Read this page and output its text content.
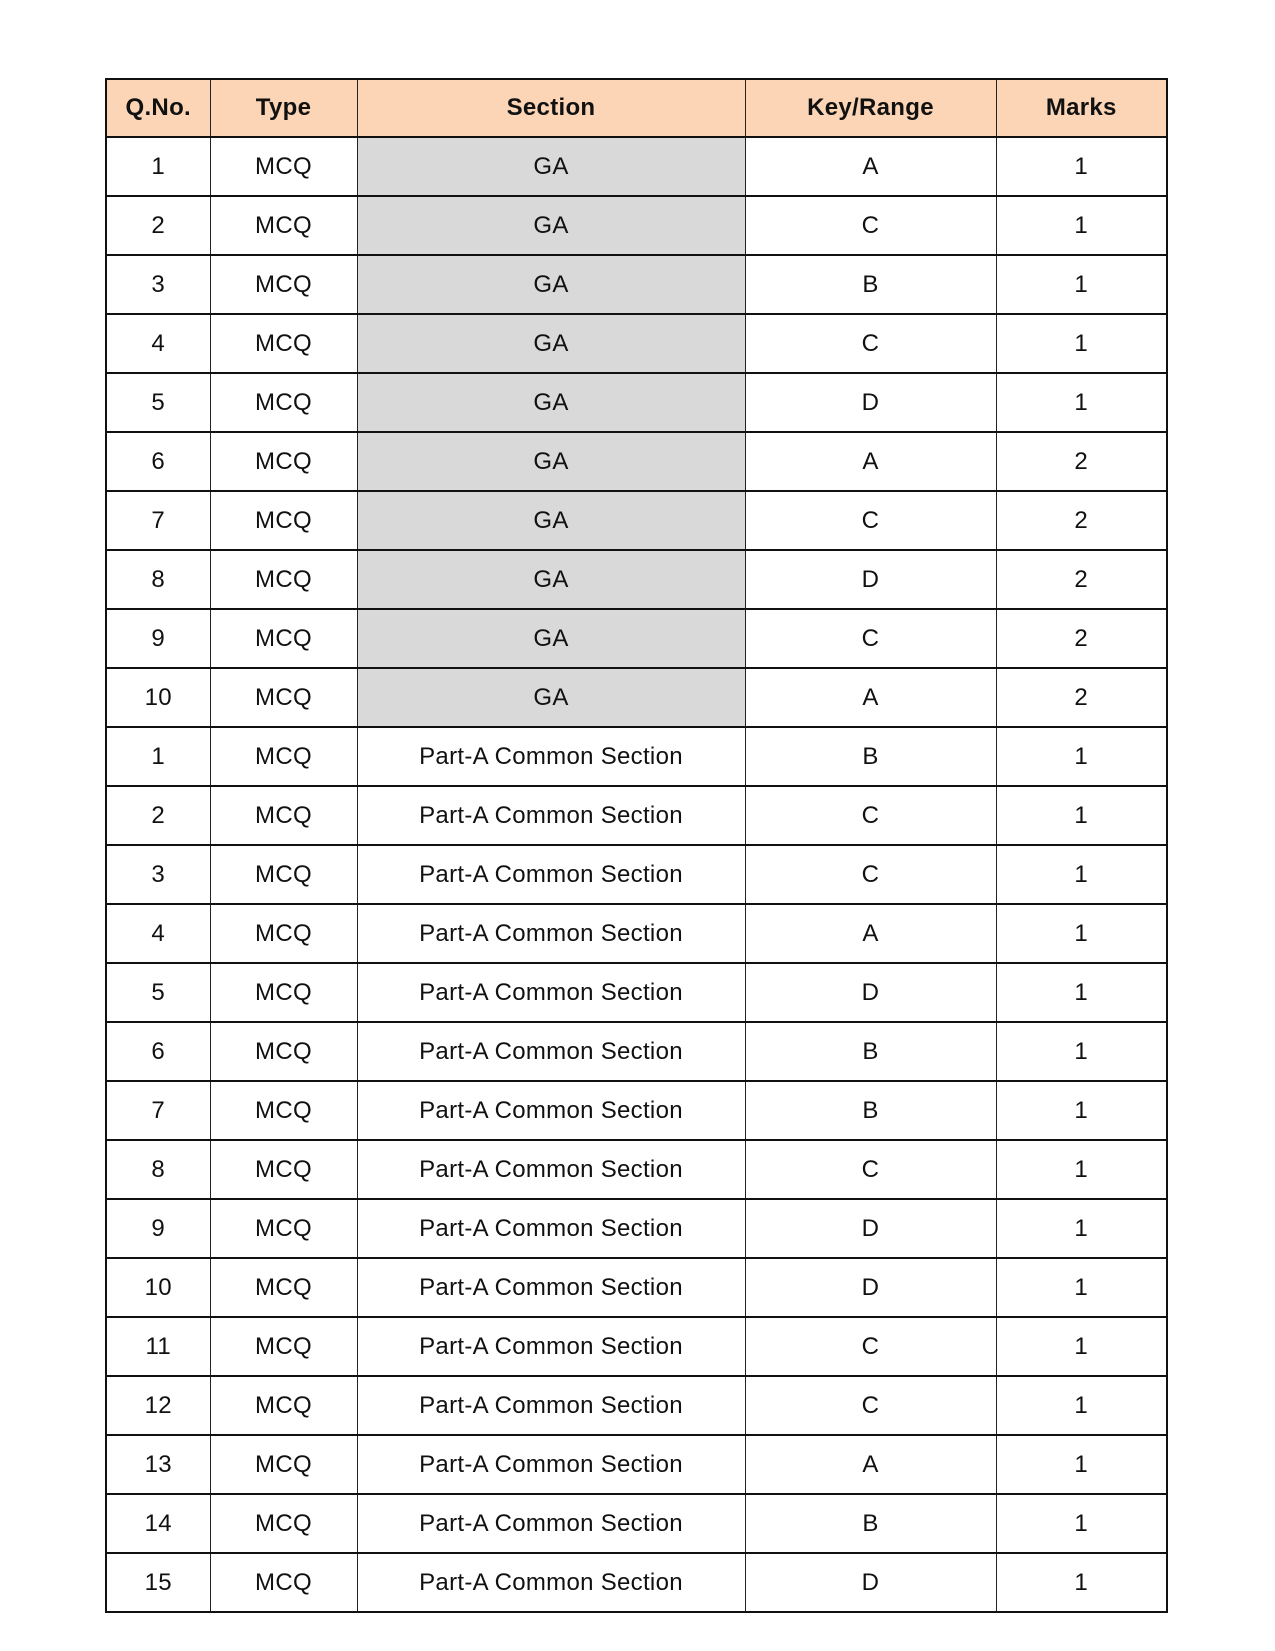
Q.No.	Type	Section	Key/Range	Marks
1	MCQ	GA	A	1
2	MCQ	GA	C	1
3	MCQ	GA	B	1
4	MCQ	GA	C	1
5	MCQ	GA	D	1
6	MCQ	GA	A	2
7	MCQ	GA	C	2
8	MCQ	GA	D	2
9	MCQ	GA	C	2
10	MCQ	GA	A	2
1	MCQ	Part-A Common Section	B	1
2	MCQ	Part-A Common Section	C	1
3	MCQ	Part-A Common Section	C	1
4	MCQ	Part-A Common Section	A	1
5	MCQ	Part-A Common Section	D	1
6	MCQ	Part-A Common Section	B	1
7	MCQ	Part-A Common Section	B	1
8	MCQ	Part-A Common Section	C	1
9	MCQ	Part-A Common Section	D	1
10	MCQ	Part-A Common Section	D	1
11	MCQ	Part-A Common Section	C	1
12	MCQ	Part-A Common Section	C	1
13	MCQ	Part-A Common Section	A	1
14	MCQ	Part-A Common Section	B	1
15	MCQ	Part-A Common Section	D	1
